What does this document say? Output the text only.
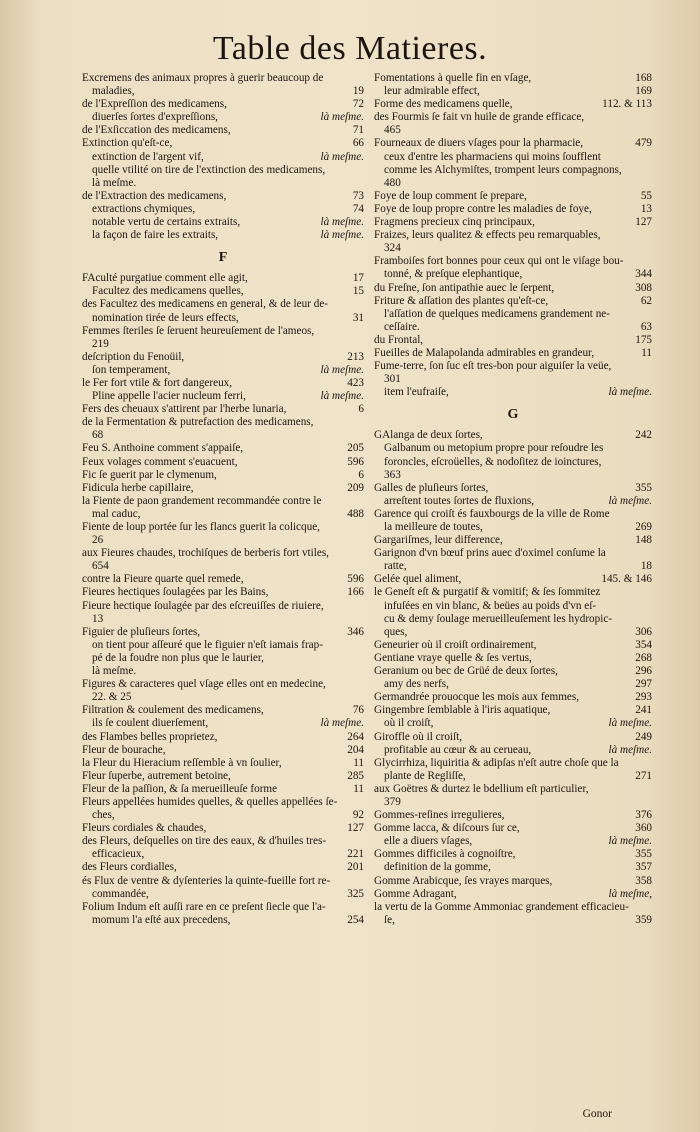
Table des Matieres.
Excremens des animaux propres à guerir beaucoup de
maladies,	19
de l'Expreſſion des medicamens,	72
diuerſes ſortes d'expreſſions,	là meſme.
de l'Exſiccation des medicamens,	71
Extinction qu'eſt-ce,	66
extinction de l'argent vif,	là meſme.
quelle vtilité on tire de l'extinction des medicamens,
là meſme.
de l'Extraction des medicamens,	73
extractions chymiques,	74
notable vertu de certains extraits,	là meſme.
la façon de faire les extraits,	là meſme.
F
FAculté purgatiue comment elle agit,	17
Facultez des medicamens quelles,	15
des Facultez des medicamens en general, & de leur de-
nomination tirée de leurs effects,	31
Femmes ſteriles ſe ſeruent heureuſement de l'ameos,
219
deſcription du Fenoüil,	213
ſon temperament,	là meſme.
le Fer fort vtile & fort dangereux,	423
Pline appelle l'acier nucleum ferri,	là meſme.
Fers des cheuaux s'attirent par l'herbe lunaria,	6
de la Fermentation & putrefaction des medicamens,
68
Feu S. Anthoine comment s'appaiſe,	205
Feux volages comment s'euacuent,	596
Fic ſe guerit par le clymenum,	6
Fidicula herbe capillaire,	209
la Fiente de paon grandement recommandée contre le
mal caduc,	488
Fiente de loup portée ſur les flancs guerit la colicque,
26
aux Fieures chaudes, trochiſques de berberis fort vtiles,
654
contre la Fieure quarte quel remede,	596
Fieures hectiques ſoulagées par les Bains,	166
Fieure hectique ſoulagée par des eſcreuiſſes de riuiere,
13
Figuier de pluſieurs ſortes,	346
on tient pour aſſeuré que le figuier n'eſt iamais frap-
pé de la foudre non plus que le laurier,
là meſme.
Figures & caracteres quel vſage elles ont en medecine,
22. & 25
Filtration & coulement des medicamens,	76
ils ſe coulent diuerſement,	là meſme.
des Flambes belles proprietez,	264
Fleur de bourache,	204
la Fleur du Hieracium reſſemble à vn ſoulier,	11
Fleur ſuperbe, autrement betoine,	285
Fleur de la paſſion, & ſa merueilleuſe forme	11
Fleurs appellées humides quelles, & quelles appellées ſe-
ches,	92
Fleurs cordiales & chaudes,	127
des Fleurs, deſquelles on tire des eaux, & d'huiles tres-
efficacieux,	221
des Fleurs cordialles,	201
és Flux de ventre & dyſenteries la quinte-fueille fort re-
commandée,	325
Folium Indum eſt auſſi rare en ce preſent ſiecle que l'a-
momum l'a eſté aux precedens,	254
Fomentations à quelle fin en vſage,	168
leur admirable effect,	169
Forme des medicamens quelle,	112. & 113
des Fourmis ſe fait vn huile de grande efficace,
465
Fourneaux de diuers vſages pour la pharmacie,	479
ceux d'entre les pharmaciens qui moins ſoufflent
comme les Alchymiſtes, trompent leurs compagnons,
480
Foye de loup comment ſe prepare,	55
Foye de loup propre contre les maladies de foye,	13
Fragmens precieux cinq principaux,	127
Fraizes, leurs qualitez & effects peu remarquables,
324
Framboiſes fort bonnes pour ceux qui ont le viſage bou-
tonné, & preſque elephantique,	344
du Freſne, ſon antipathie auec le ſerpent,	308
Friture & aſſation des plantes qu'eſt-ce,	62
l'aſſation de quelques medicamens grandement ne-
ceſſaire.	63
du Frontal,	175
Fueilles de Malapolanda admirables en grandeur,	11
Fume-terre, ſon ſuc eſt tres-bon pour aiguiſer la veüe,
301
item l'eufraiſe,	là meſme.
G
GAlanga de deux ſortes,	242
Galbanum ou metopium propre pour reſoudre les
foroncles, eſcroüelles, & nodoſitez de ioinctures,
363
Galles de pluſieurs ſortes,	355
arreſtent toutes ſortes de fluxions,	là meſme.
Garence qui croiſt és fauxbourgs de la ville de Rome
la meilleure de toutes,	269
Gargariſmes, leur difference,	148
Garignon d'vn bœuf prins auec d'oximel conſume la
ratte,	18
Gelée quel aliment,	145. & 146
le Geneſt eſt & purgatif & vomitif; & ſes ſommitez
infuſées en vin blanc, & beües au poids d'vn eſ-
cu & demy ſoulage merueilleuſement les hydropic-
ques,	306
Geneurier où il croiſt ordinairement,	354
Gentiane vraye quelle & ſes vertus,	268
Geranium ou bec de Grüé de deux ſortes,	296
amy des nerfs,	297
Germandrée prouocque les mois aux femmes,	293
Gingembre ſemblable à l'iris aquatique,	241
où il croiſt,	là meſme.
Giroffle où il croiſt,	249
profitable au cœur & au cerueau,	là meſme.
Glycirrhiza, liquiritia & adipſas n'eſt autre choſe que la
plante de Regliſſe,	271
aux Goëtres & durtez le bdellium eſt particulier,
379
Gommes-reſines irregulieres,	376
Gomme lacca, & diſcours ſur ce,	360
elle a diuers vſages,	là meſme.
Gommes difficiles à cognoiſtre,	355
definition de la gomme,	357
Gomme Arabicque, ſes vrayes marques,	358
Gomme Adragant,	là meſme,
la vertu de la Gomme Ammoniac grandement efficacieu-
ſe,	359
Gonor
